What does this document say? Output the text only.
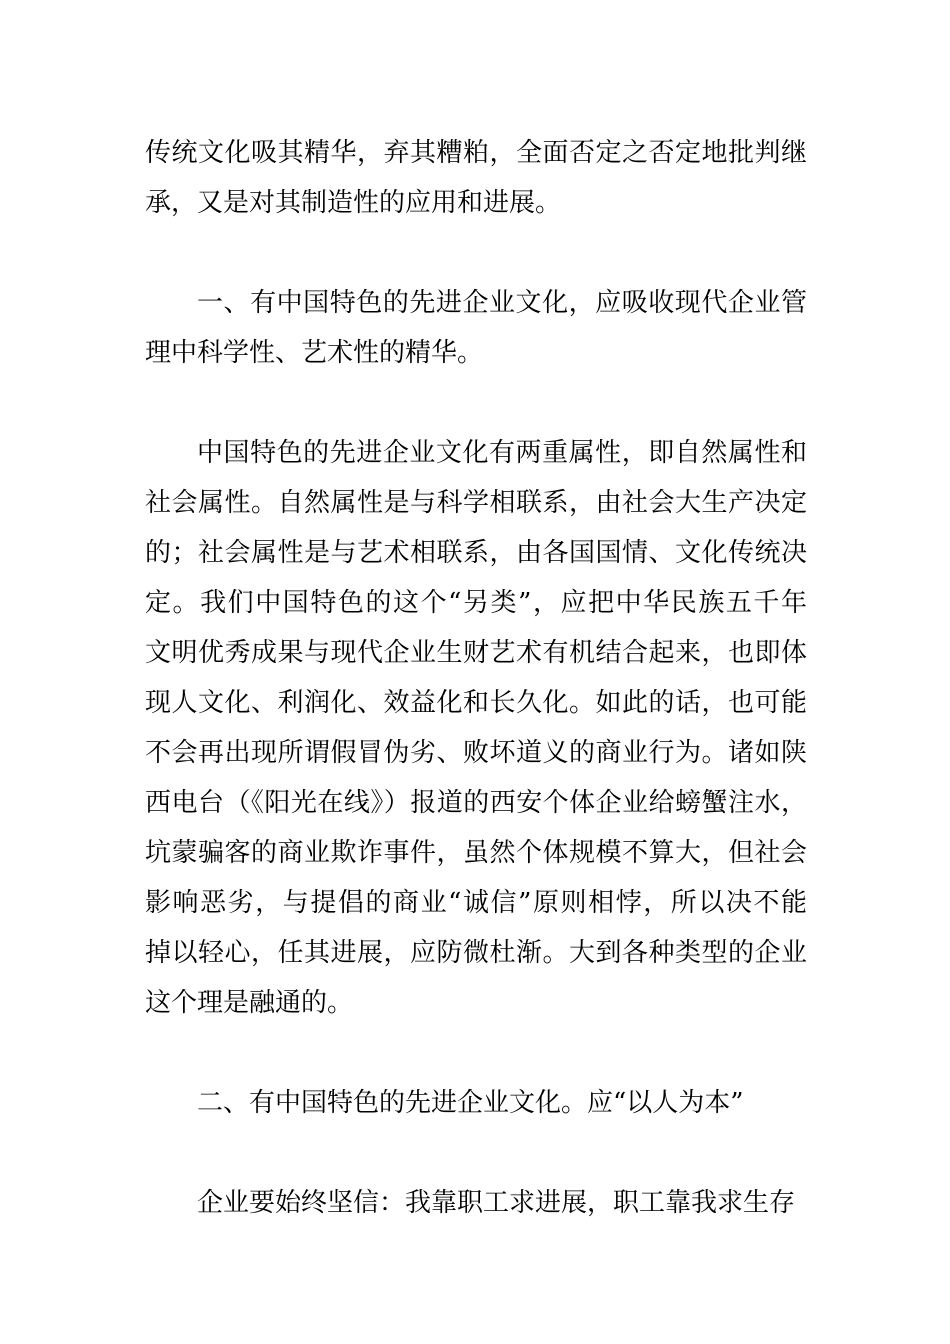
传统文化吸其精华，弃其糟粕，全面否定之否定地批判继
承，又是对其制造性的应用和进展。
一、有中国特色的先进企业文化，应吸收现代企业管
理中科学性、艺术性的精华。
中国特色的先进企业文化有两重属性，即自然属性和
社会属性。自然属性是与科学相联系，由社会大生产决定
的；社会属性是与艺术相联系，由各国国情、文化传统决
定。我们中国特色的这个“另类”，应把中华民族五千年
文明优秀成果与现代企业生财艺术有机结合起来，也即体
现人文化、利润化、效益化和长久化。如此的话，也可能
不会再出现所谓假冒伪劣、败坏道义的商业行为。诸如陕
西电台（《阳光在线》）报道的西安个体企业给螃蟹注水，
坑蒙骗客的商业欺诈事件，虽然个体规模不算大，但社会
影响恶劣，与提倡的商业“诚信”原则相悖，所以决不能
掉以轻心，任其进展，应防微杜渐。大到各种类型的企业
这个理是融通的。
二、有中国特色的先进企业文化。应“以人为本”
企业要始终坚信：我靠职工求进展，职工靠我求生存
